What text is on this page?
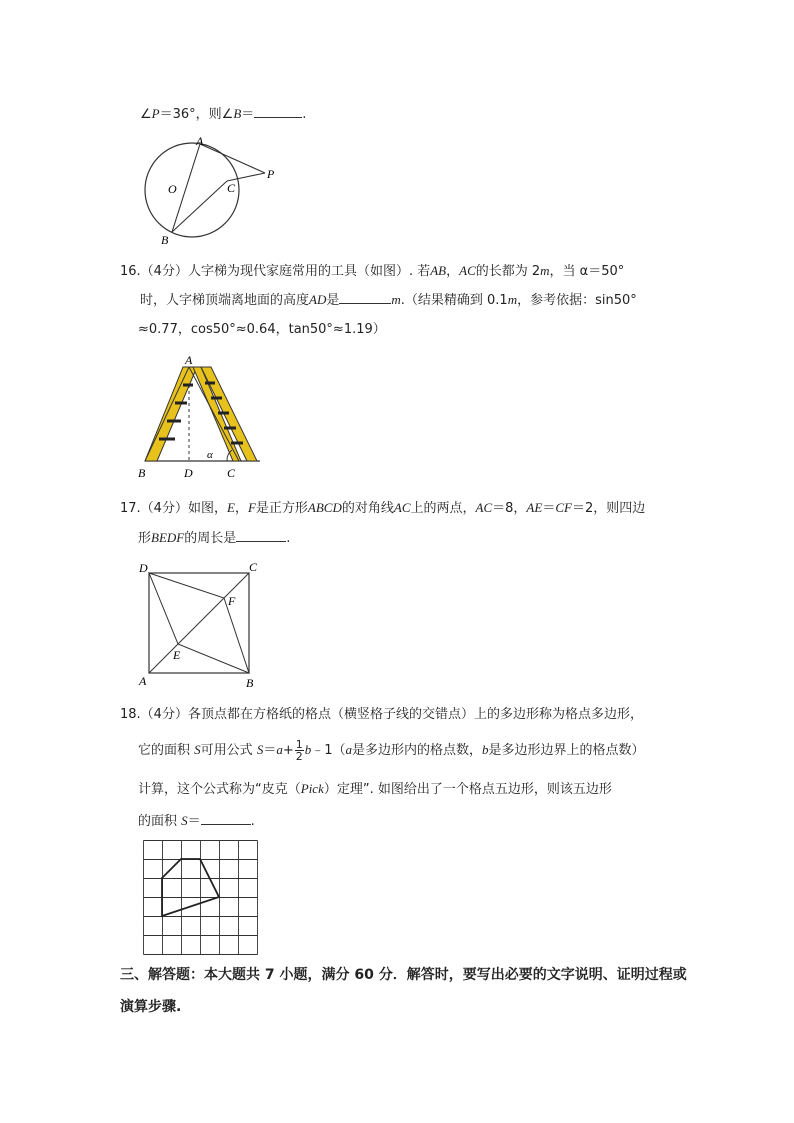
∠P＝36°，则∠B＝	.
A
O	C
P
B
16.（4分）人字梯为现代家庭常用的工具（如图）. 若AB，AC的长都为 2m，当 α＝50°
时，人字梯顶端离地面的高度AD是	m.（结果精确到 0.1m，参考依据：sin50°
≈0.77，cos50°≈0.64，tan50°≈1.19）
A
B	D	C
α
17.（4分）如图，E，F是正方形ABCD的对角线AC上的两点，AC＝8，AE＝CF＝2，则四边
形BEDF的周长是	.
D	C
F
E
A	B
18.（4分）各顶点都在方格纸的格点（横竖格子线的交错点）上的多边形称为格点多边形，
它的面积 S可用公式 $S=a+ \frac{1}{2}$ b﹣1（a是多边形内的格点数，b是多边形边界上的格点数）
计算，这个公式称为“皮克（Pick）定理”. 如图给出了一个格点五边形，则该五边形
的面积 S＝	.
三、解答题：本大题共 7 小题，满分 60 分．解答时，要写出必要的文字说明、证明过程或
演算步骤.
